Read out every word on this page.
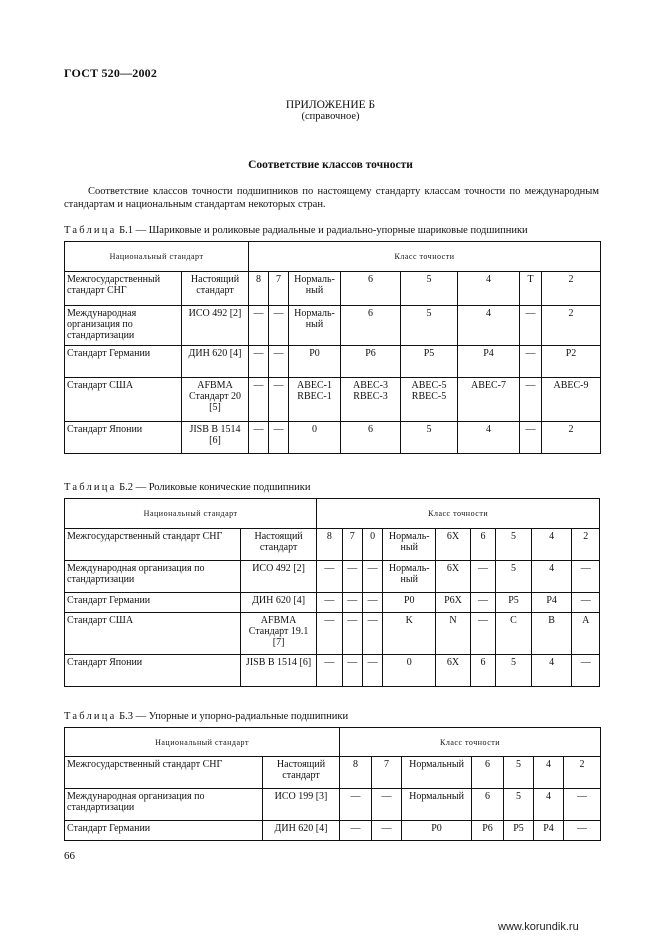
ГОСТ 520—2002
ПРИЛОЖЕНИЕ Б
(справочное)
Соответствие классов точности
Соответствие классов точности подшипников по настоящему стандарту классам точности по международным стандартам и национальным стандартам некоторых стран.
Таблица Б.1 — Шариковые и роликовые радиальные и радиально-упорные шариковые подшипники
Национальный стандарт		Класс точности							
Межгосударственный стандарт СНГ	Настоящий стандарт	8	7	Нормаль-ный	6	5	4	Т	2
Международная организация по стандартизации	ИСО 492 [2]	—	—	Нормаль-ный	6	5	4	—	2
Стандарт Германии	ДИН 620 [4]	—	—	P0	P6	P5	P4	—	P2
Стандарт США	AFBMA Стандарт 20 [5]	—	—	ABEC-1 RBEC-1	ABEC-3 RBEC-3	ABEC-5 RBEC-5	ABEC-7	—	ABEC-9
Стандарт Японии	JISB B 1514 [6]	—	—	0	6	5	4	—	2
Таблица Б.2 — Роликовые конические подшипники
Национальный стандарт		Класс точности								
Межгосударственный стандарт СНГ	Настоящий стандарт	8	7	0	Нормаль-ный	6X	6	5	4	2
Международная организация по стандартизации	ИСО 492 [2]	—	—	—	Нормаль-ный	6X	—	5	4	—
Стандарт Германии	ДИН 620 [4]	—	—	—	P0	P6X	—	P5	P4	—
Стандарт США	AFBMA Стандарт 19.1 [7]	—	—	—	K	N	—	C	B	A
Стандарт Японии	JISB B 1514 [6]	—	—	—	0	6X	6	5	4	—
Таблица Б.3 — Упорные и упорно-радиальные подшипники
Национальный стандарт		Класс точности						
Межгосударственный стандарт СНГ	Настоящий стандарт	8	7	Нормальный	6	5	4	2
Международная организация по стандартизации	ИСО 199 [3]	—	—	Нормальный	6	5	4	—
Стандарт Германии	ДИН 620 [4]	—	—	P0	P6	P5	P4	—
66
www.korundik.ru
